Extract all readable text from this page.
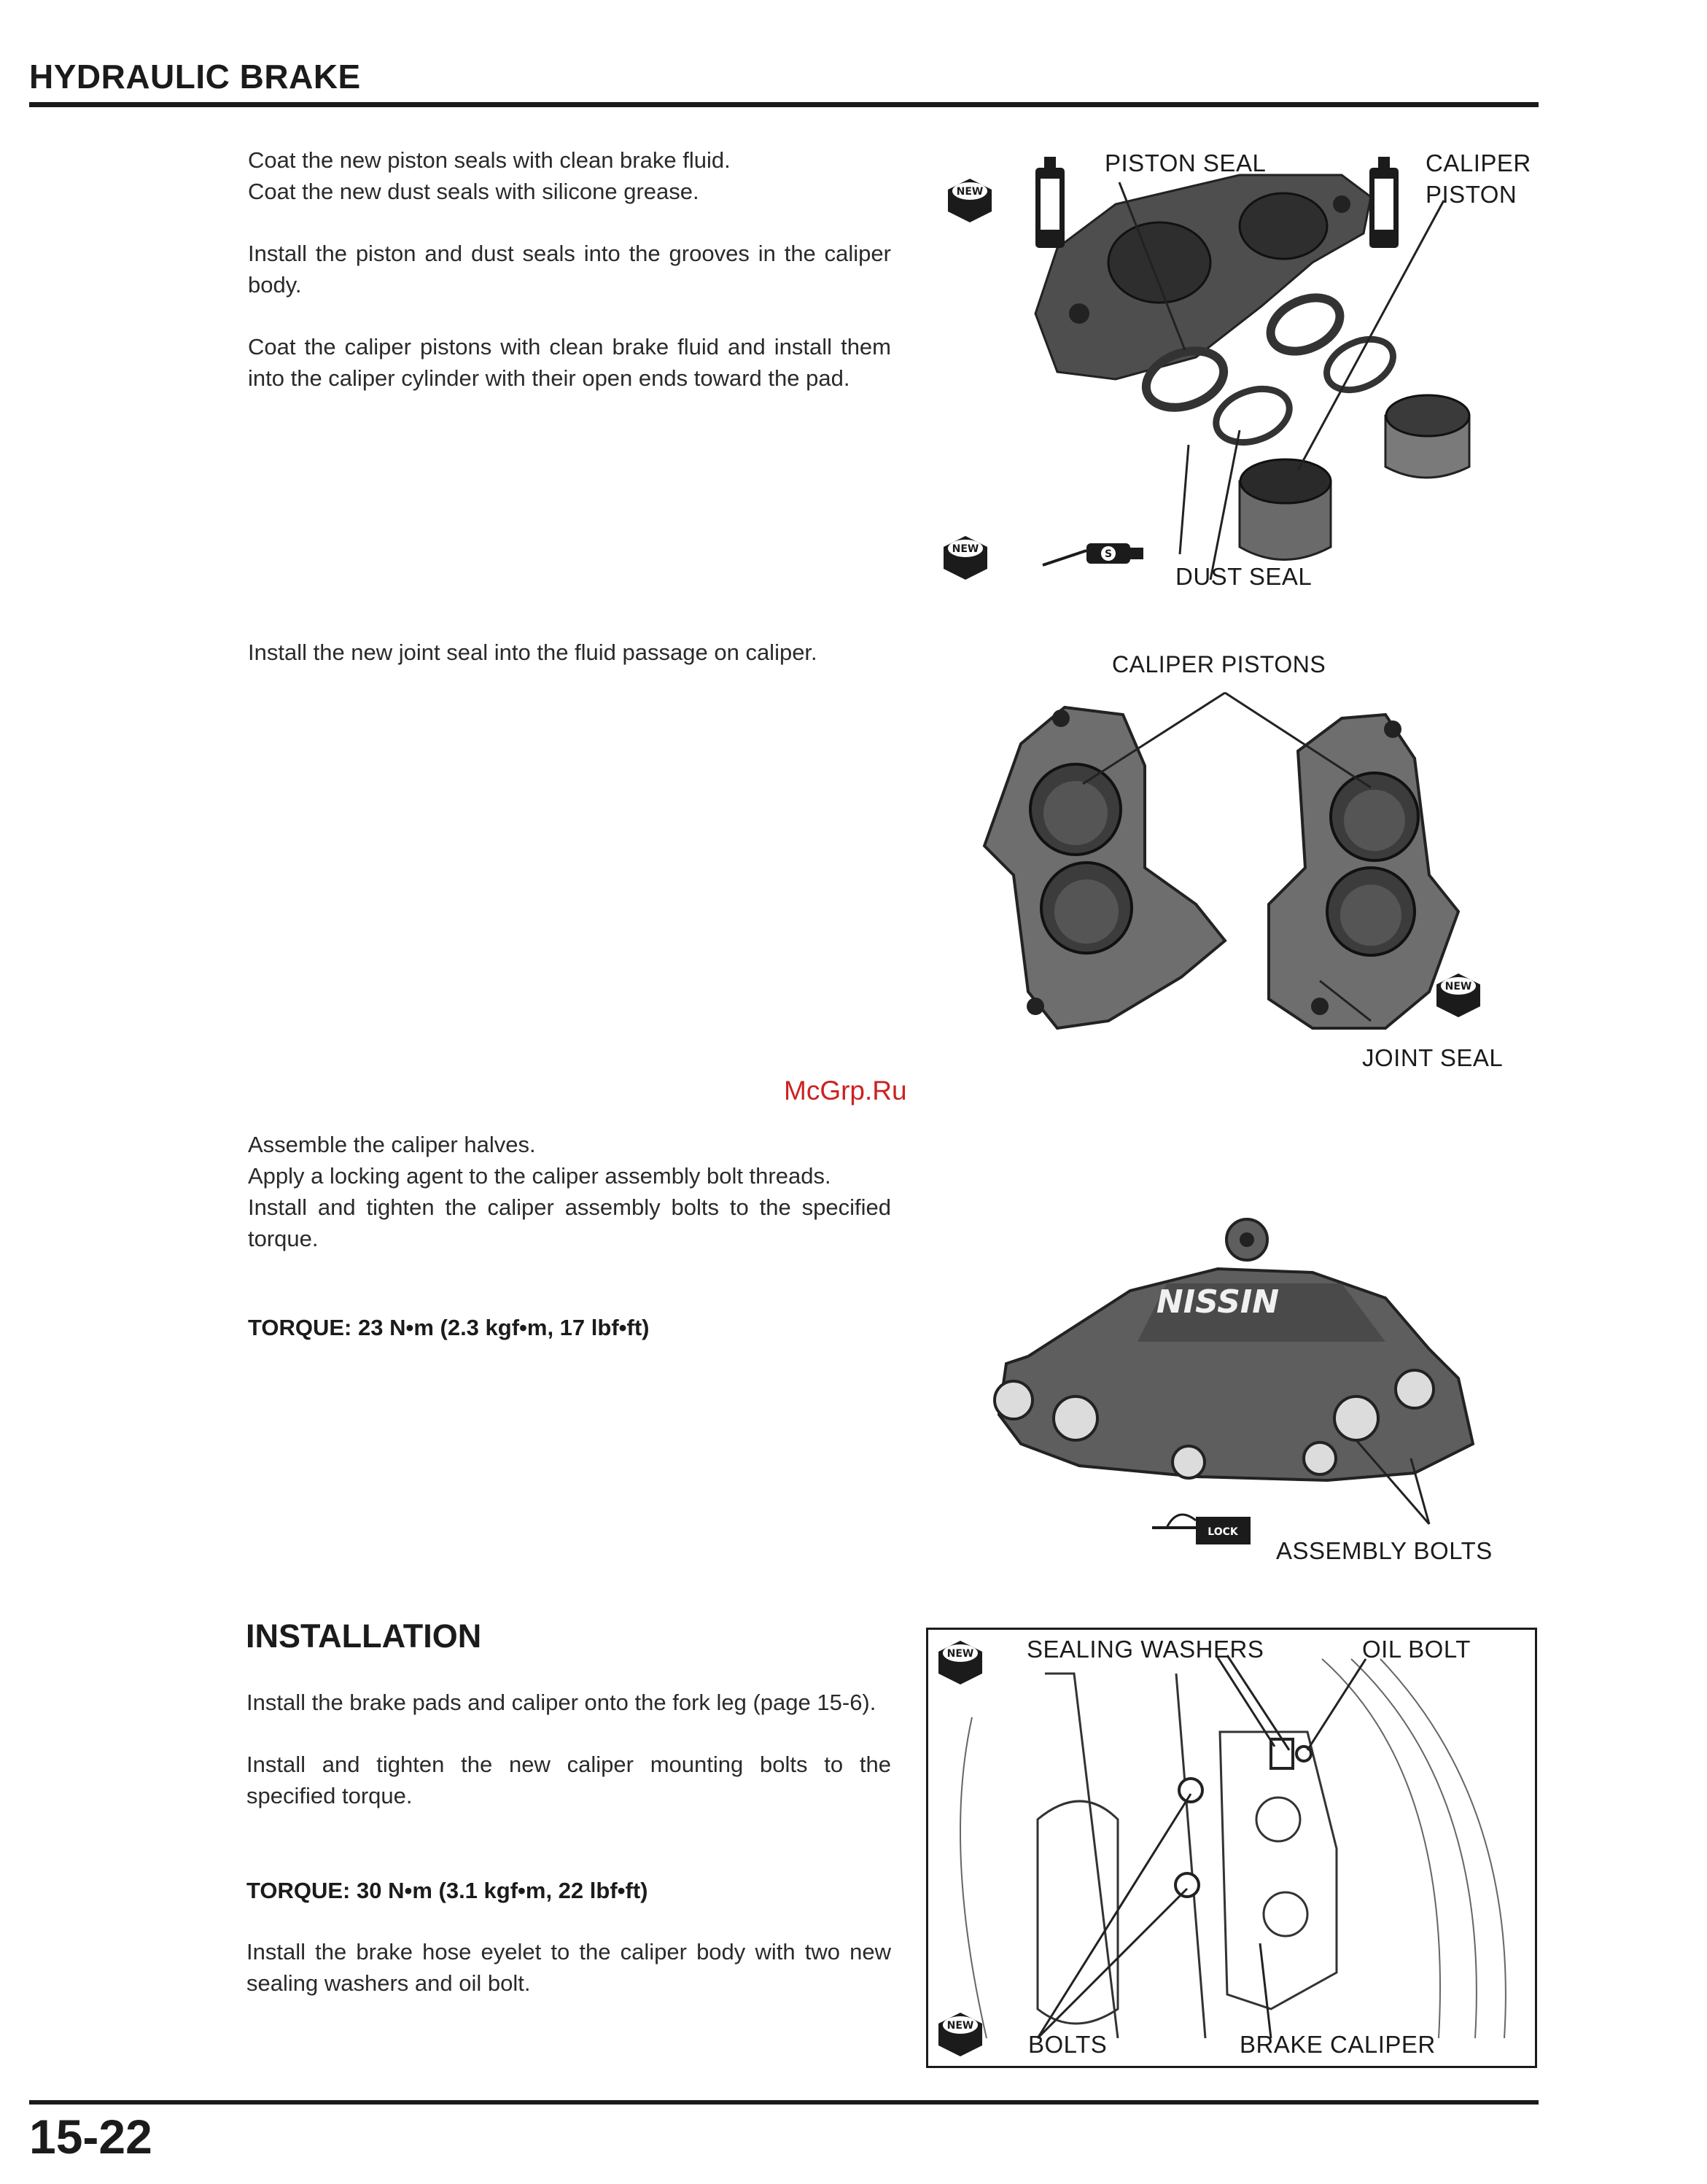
HYDRAULIC BRAKE

Coat the new piston seals with clean brake fluid.

Coat the new dust seals with silicone grease.

Install the piston and dust seals into the grooves in the caliper body.

Coat the caliper pistons with clean brake fluid and install them into the caliper cylinder with their open ends toward the pad.

NEW
NEW	S
PISTON SEAL	CALIPER
PISTON
DUST SEAL
Install the new joint seal into the fluid passage on caliper.	CALIPER PISTONS
NEW
JOINT SEAL
McGrp.Ru

Assemble the caliper halves.

Apply a locking agent to the caliper assembly bolt threads.

Install and tighten the caliper assembly bolts to the specified torque.

TORQUE: 23 N•m (2.3 kgf•m, 17 lbf•ft)
NISSIN
LOCK
ASSEMBLY BOLTS
INSTALLATION

Install the brake pads and caliper onto the fork leg (page 15-6).

Install and tighten the new caliper mounting bolts to the specified torque.

TORQUE: 30 N•m (3.1 kgf•m, 22 lbf•ft)
Install the brake hose eyelet to the caliper body with two new sealing washers and oil bolt.
NEW
NEW
SEALING WASHERS	OIL BOLT
BOLTS	BRAKE CALIPER
15-22
